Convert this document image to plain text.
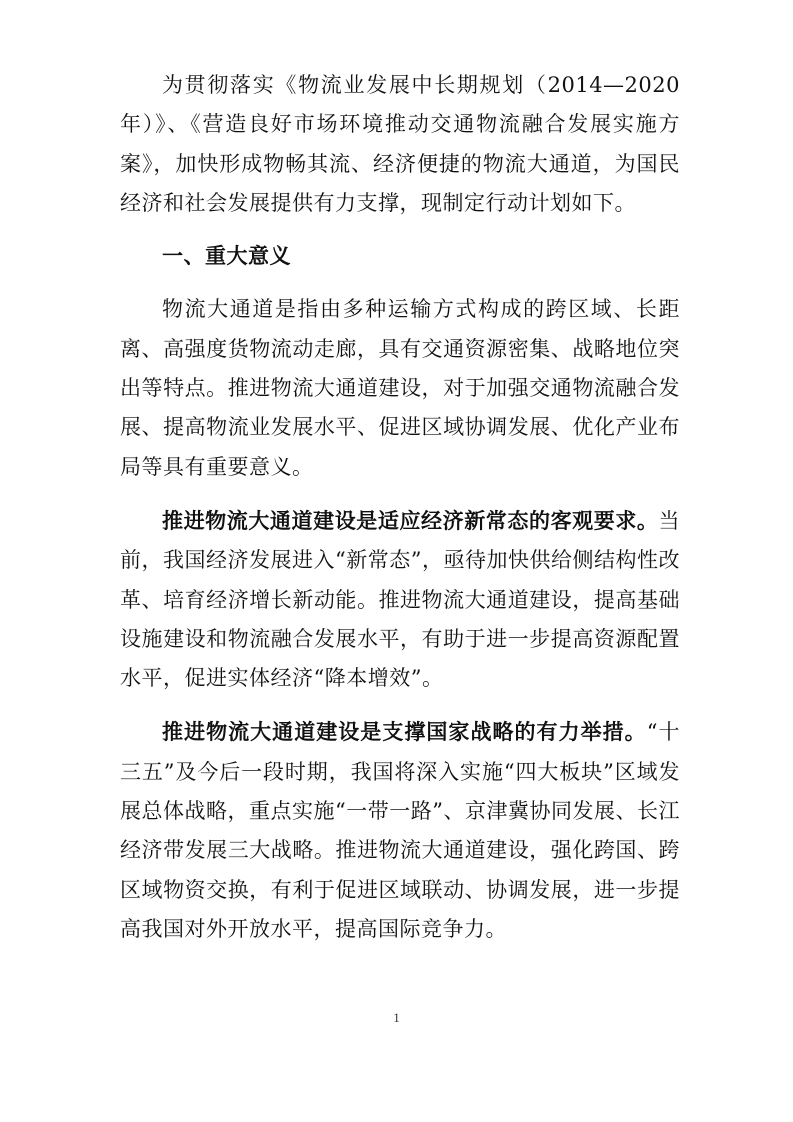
为贯彻落实《物流业发展中长期规划（2014—2020年）》、《营造良好市场环境推动交通物流融合发展实施方案》，加快形成物畅其流、经济便捷的物流大通道，为国民经济和社会发展提供有力支撑，现制定行动计划如下。

一、重大意义

物流大通道是指由多种运输方式构成的跨区域、长距离、高强度货物流动走廊，具有交通资源密集、战略地位突出等特点。推进物流大通道建设，对于加强交通物流融合发展、提高物流业发展水平、促进区域协调发展、优化产业布局等具有重要意义。

推进物流大通道建设是适应经济新常态的客观要求。当前，我国经济发展进入“新常态”，亟待加快供给侧结构性改革、培育经济增长新动能。推进物流大通道建设，提高基础设施建设和物流融合发展水平，有助于进一步提高资源配置水平，促进实体经济“降本增效”。

推进物流大通道建设是支撑国家战略的有力举措。“十三五”及今后一段时期，我国将深入实施“四大板块”区域发展总体战略，重点实施“一带一路”、京津冀协同发展、长江经济带发展三大战略。推进物流大通道建设，强化跨国、跨区域物资交换，有利于促进区域联动、协调发展，进一步提高我国对外开放水平，提高国际竞争力。

1
